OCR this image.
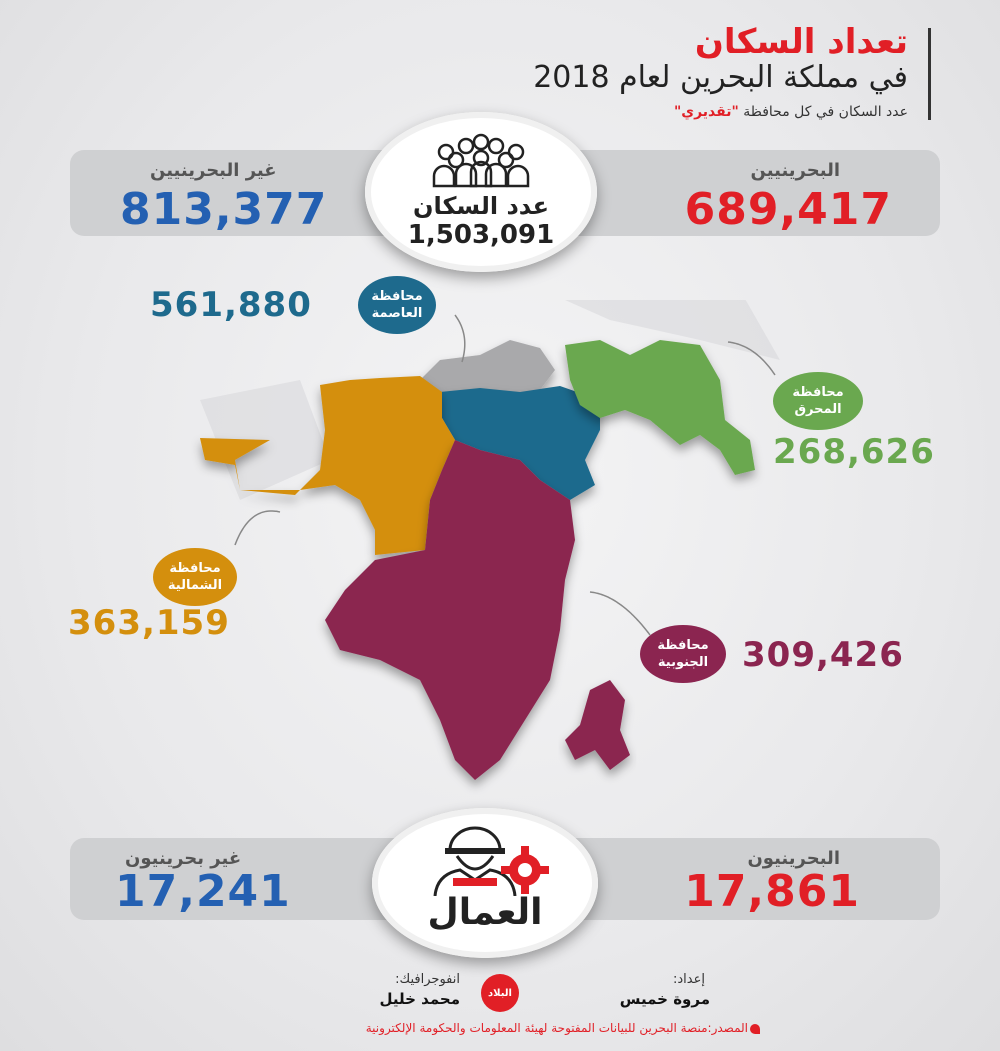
تعداد السكان
في مملكة البحرين لعام 2018
عدد السكان في كل محافظة "تقديري"
البحرينيين
689,417
غير البحرينيين
813,377	عدد السكان
1,503,091
محافظة
العاصمة
561,880
محافظة
المحرق
268,626
محافظة
الشمالية
363,159
محافظة
الجنوبية 309,426
البحرينيون
17,861
غير بحرينيون
17,241	العمال
إعداد:
مروة خميس
البلاد
انفوجرافيك:
محمد خليل
المصدر:منصة البحرين للبيانات المفتوحة لهيئة المعلومات والحكومة الإلكترونية
